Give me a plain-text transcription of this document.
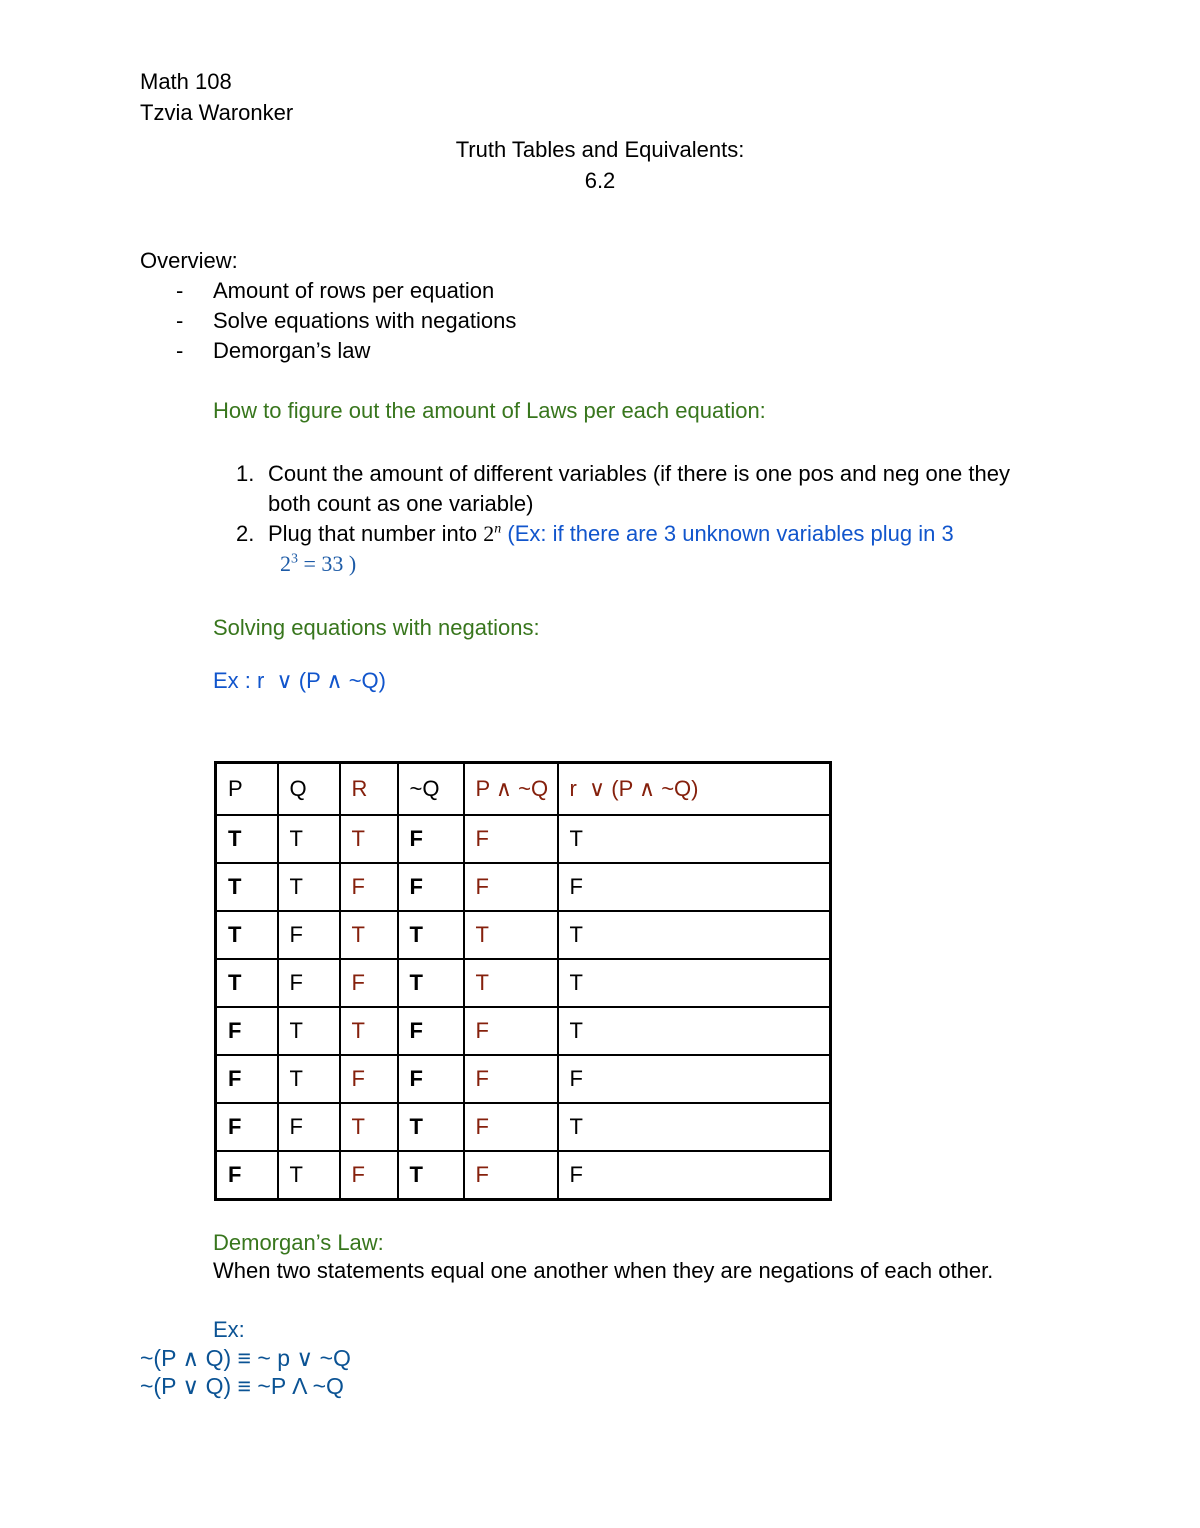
Math 108
Tzvia Waronker
Truth Tables and Equivalents:
6.2
Overview:
-	Amount of rows per equation
-	Solve equations with negations
-	Demorgan’s law
How to figure out the amount of Laws per each equation:
1. Count the amount of different variables (if there is one pos and neg one they
both count as one variable)
2. Plug that number into 2$^n$ (Ex: if there are 3 unknown variables plug in 3
$2^3 = 33$ )
Solving equations with negations:
Ex : r  ∨ (P ∧ ~Q)
P	Q	R	~Q	P ∧ ~Q	r  ∨ (P ∧ ~Q)
T	T	T	F	F	T
T	T	F	F	F	F
T	F	T	T	T	T
T	F	F	T	T	T
F	T	T	F	F	T
F	T	F	F	F	F
F	F	T	T	F	T
F	T	F	T	F	F
Demorgan’s Law:
When two statements equal one another when they are negations of each other.
Ex:
~(P ∧ Q) ≡ ~ p ∨ ~Q
~(P ∨ Q) ≡ ~P Λ ~Q
